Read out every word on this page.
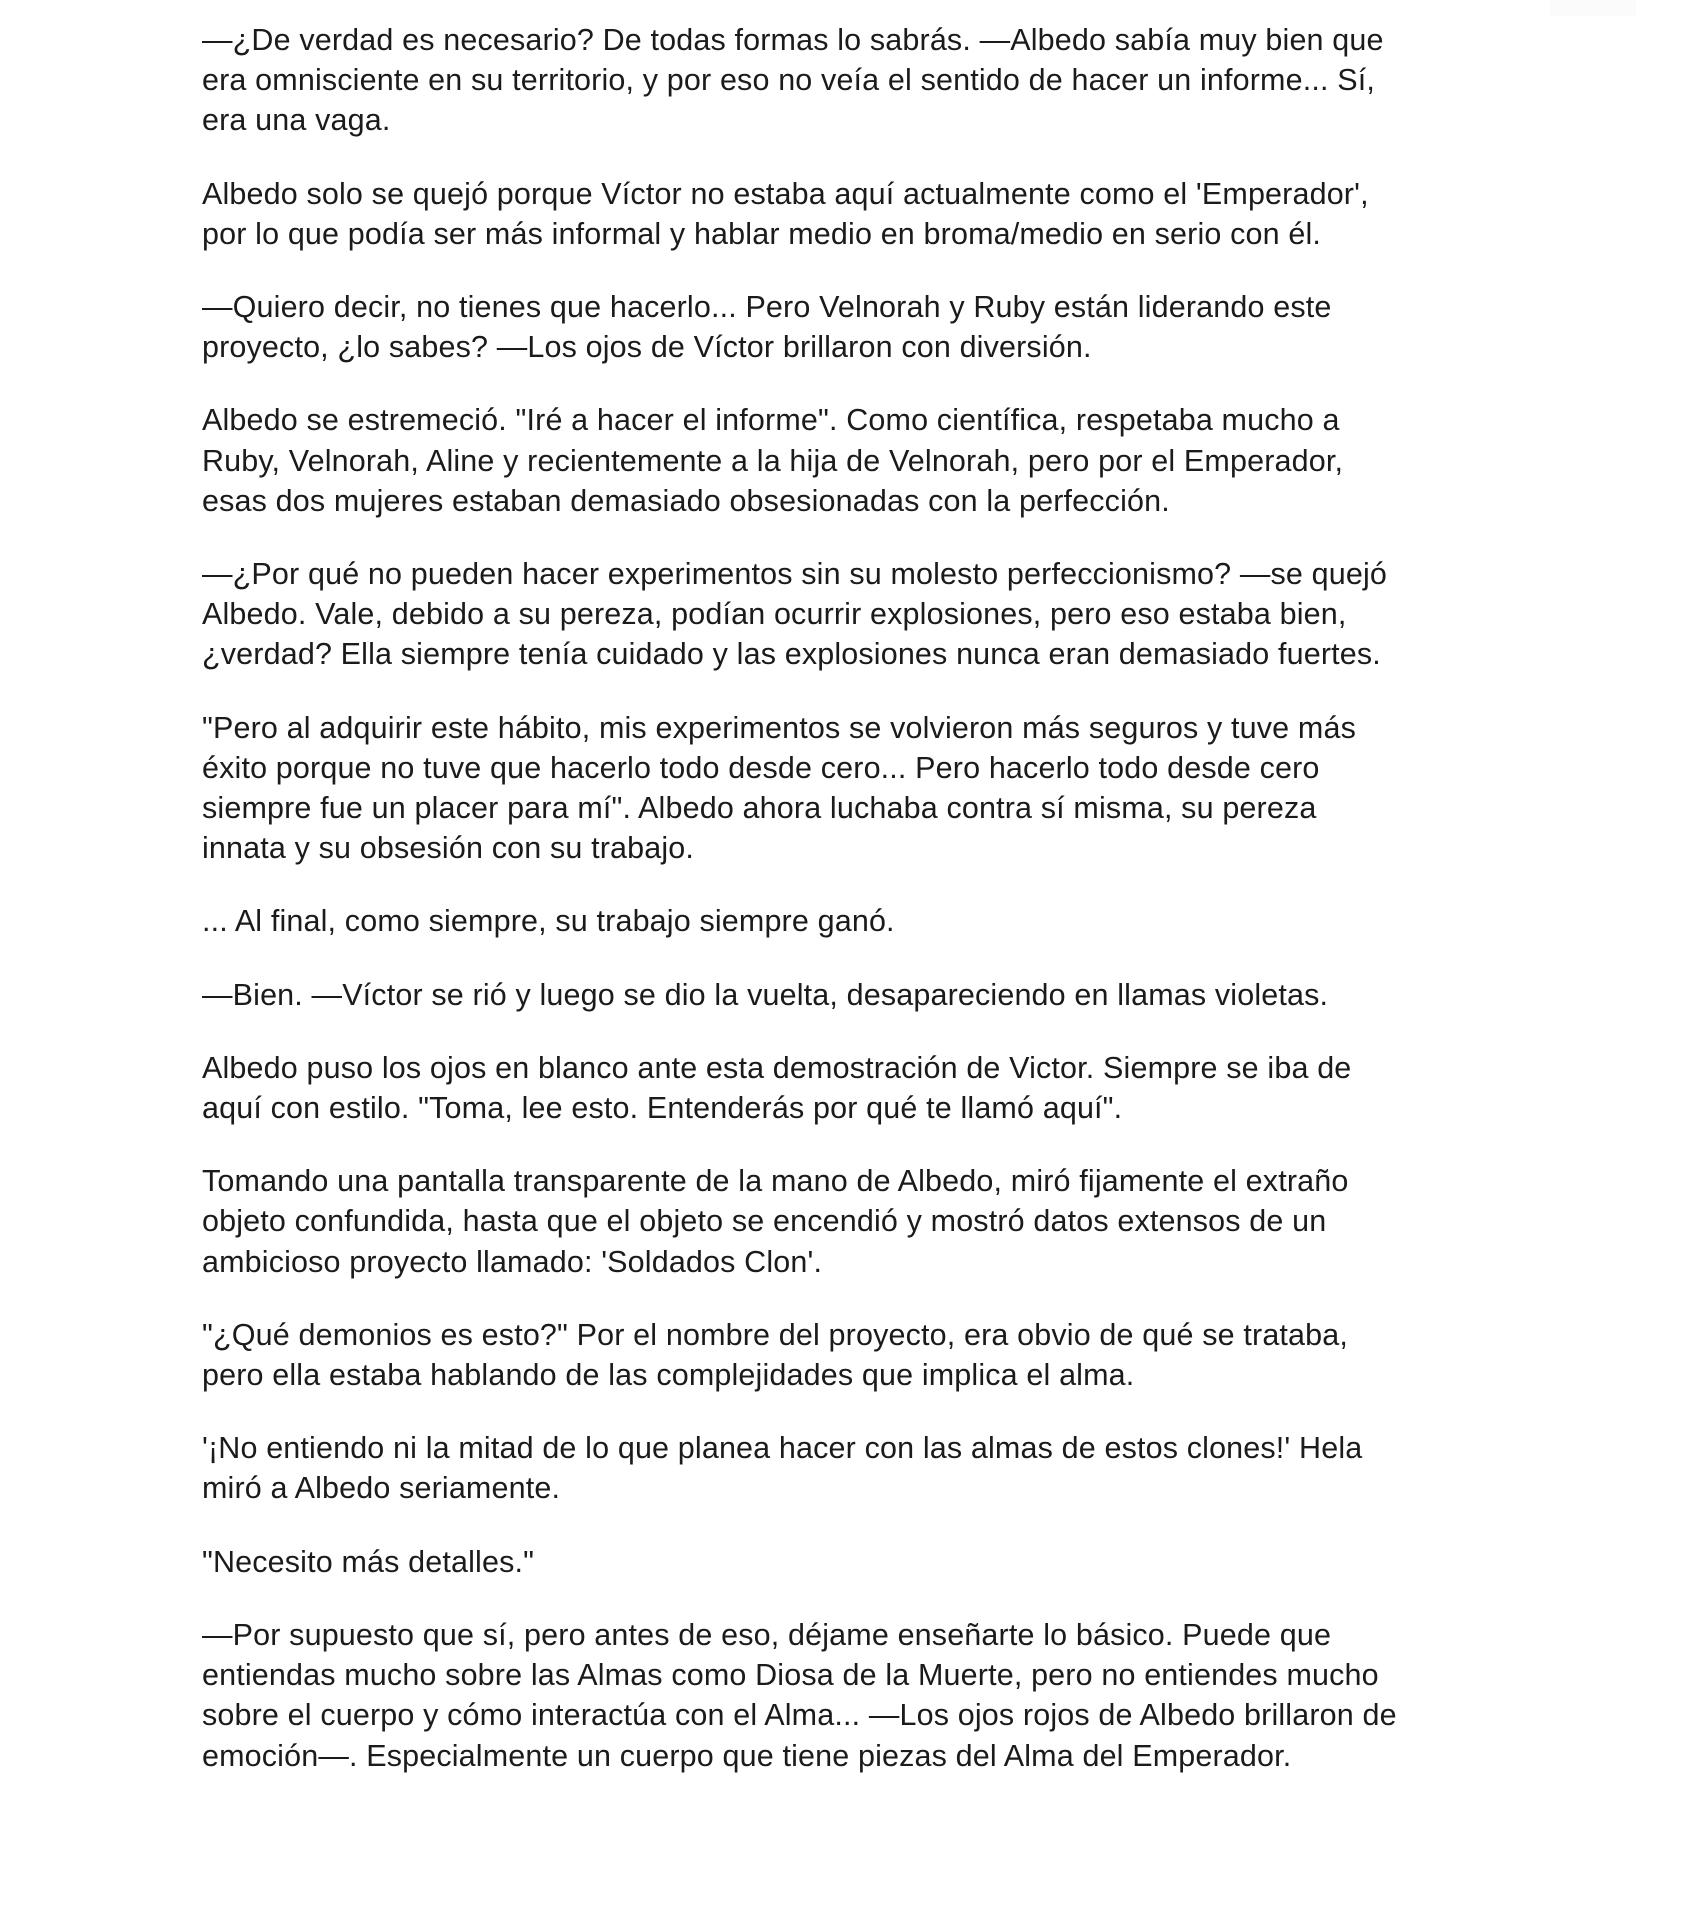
—¿De verdad es necesario? De todas formas lo sabrás. —Albedo sabía muy bien que
era omnisciente en su territorio, y por eso no veía el sentido de hacer un informe... Sí,
era una vaga.

Albedo solo se quejó porque Víctor no estaba aquí actualmente como el 'Emperador',
por lo que podía ser más informal y hablar medio en broma/medio en serio con él.

—Quiero decir, no tienes que hacerlo... Pero Velnorah y Ruby están liderando este
proyecto, ¿lo sabes? —Los ojos de Víctor brillaron con diversión.

Albedo se estremeció. "Iré a hacer el informe". Como científica, respetaba mucho a
Ruby, Velnorah, Aline y recientemente a la hija de Velnorah, pero por el Emperador,
esas dos mujeres estaban demasiado obsesionadas con la perfección.

—¿Por qué no pueden hacer experimentos sin su molesto perfeccionismo? —se quejó
Albedo. Vale, debido a su pereza, podían ocurrir explosiones, pero eso estaba bien,
¿verdad? Ella siempre tenía cuidado y las explosiones nunca eran demasiado fuertes.

"Pero al adquirir este hábito, mis experimentos se volvieron más seguros y tuve más
éxito porque no tuve que hacerlo todo desde cero... Pero hacerlo todo desde cero
siempre fue un placer para mí". Albedo ahora luchaba contra sí misma, su pereza
innata y su obsesión con su trabajo.

... Al final, como siempre, su trabajo siempre ganó.

—Bien. —Víctor se rió y luego se dio la vuelta, desapareciendo en llamas violetas.

Albedo puso los ojos en blanco ante esta demostración de Victor. Siempre se iba de
aquí con estilo. "Toma, lee esto. Entenderás por qué te llamó aquí".

Tomando una pantalla transparente de la mano de Albedo, miró fijamente el extraño
objeto confundida, hasta que el objeto se encendió y mostró datos extensos de un
ambicioso proyecto llamado: 'Soldados Clon'.

"¿Qué demonios es esto?" Por el nombre del proyecto, era obvio de qué se trataba,
pero ella estaba hablando de las complejidades que implica el alma.

'¡No entiendo ni la mitad de lo que planea hacer con las almas de estos clones!' Hela
miró a Albedo seriamente.

"Necesito más detalles."

—Por supuesto que sí, pero antes de eso, déjame enseñarte lo básico. Puede que
entiendas mucho sobre las Almas como Diosa de la Muerte, pero no entiendes mucho
sobre el cuerpo y cómo interactúa con el Alma... —Los ojos rojos de Albedo brillaron de
emoción—. Especialmente un cuerpo que tiene piezas del Alma del Emperador.
